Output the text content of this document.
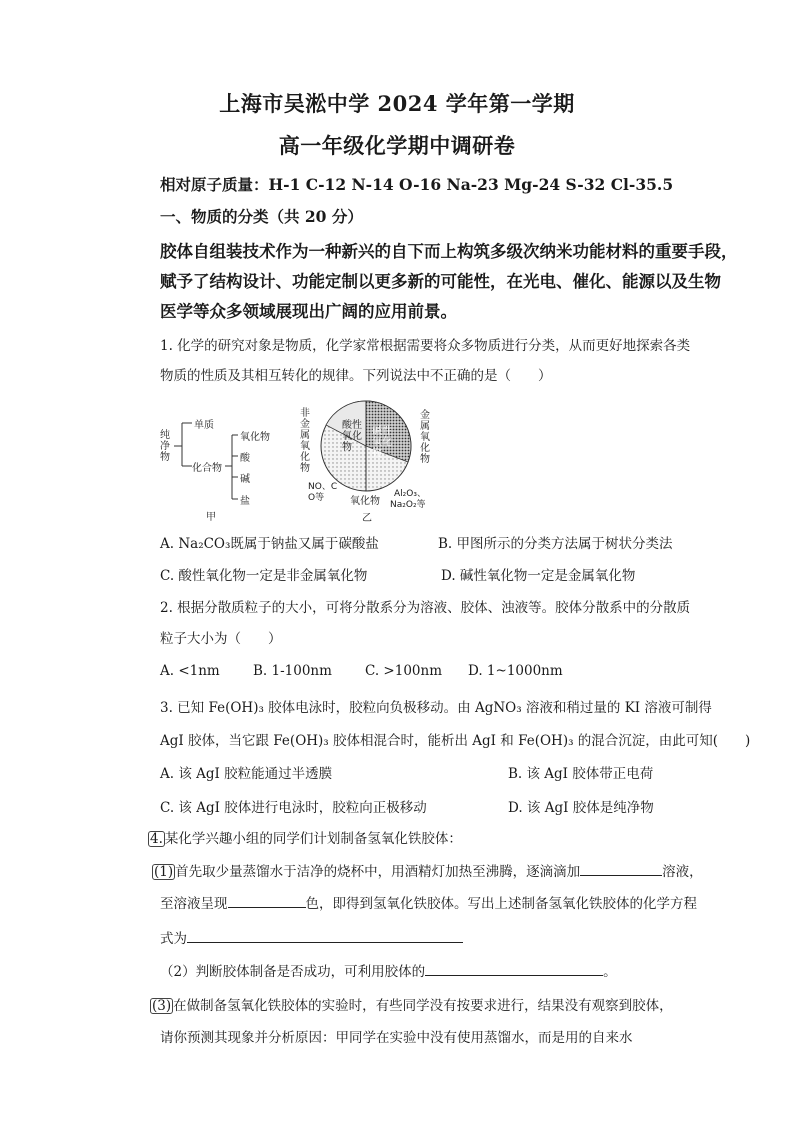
上海市吴淞中学 2024 学年第一学期
高一年级化学期中调研卷
相对原子质量：H-1 C-12 N-14 O-16 Na-23 Mg-24 S-32 Cl-35.5
一、物质的分类（共 20 分）
胶体自组装技术作为一种新兴的自下而上构筑多级次纳米功能材料的重要手段，
赋予了结构设计、功能定制以更多新的可能性，在光电、催化、能源以及生物
医学等众多领域展现出广阔的应用前景。
1. 化学的研究对象是物质，化学家常根据需要将众多物质进行分类，从而更好地探索各类
物质的性质及其相互转化的规律。下列说法中不正确的是（　　）
纯净物
单质
化合物
氧化物
酸
碱
盐
甲
非金属氧化物
金属氧化物
酸性氧化物
碱性氧化物
NO、CO等	氧化物
Al₂O₃、
Na₂O₂等
乙
A. Na₂CO₃既属于钠盐又属于碳酸盐	B. 甲图所示的分类方法属于树状分类法
C. 酸性氧化物一定是非金属氧化物	D. 碱性氧化物一定是金属氧化物
2. 根据分散质粒子的大小，可将分散系分为溶液、胶体、浊液等。胶体分散系中的分散质
粒子大小为（　　）
A. <1nm B. 1-100nm C. >100nm D. 1~1000nm
3. 已知 Fe(OH)₃ 胶体电泳时，胶粒向负极移动。由 AgNO₃ 溶液和稍过量的 KI 溶液可制得
AgI 胶体，当它跟 Fe(OH)₃ 胶体相混合时，能析出 AgI 和 Fe(OH)₃ 的混合沉淀，由此可知(　　)
A. 该 AgI 胶粒能通过半透膜	B. 该 AgI 胶体带正电荷
C. 该 AgI 胶体进行电泳时，胶粒向正极移动	D. 该 AgI 胶体是纯净物
4. 某化学兴趣小组的同学们计划制备氢氧化铁胶体：
(1) 首先取少量蒸馏水于洁净的烧杯中，用酒精灯加热至沸腾，逐滴滴加	溶液，
至溶液呈现	色，即得到氢氧化铁胶体。写出上述制备氢氧化铁胶体的化学方程
式为
（2）判断胶体制备是否成功，可利用胶体的	。
(3) 在做制备氢氧化铁胶体的实验时，有些同学没有按要求进行，结果没有观察到胶体，
请你预测其现象并分析原因：甲同学在实验中没有使用蒸馏水，而是用的自来水
